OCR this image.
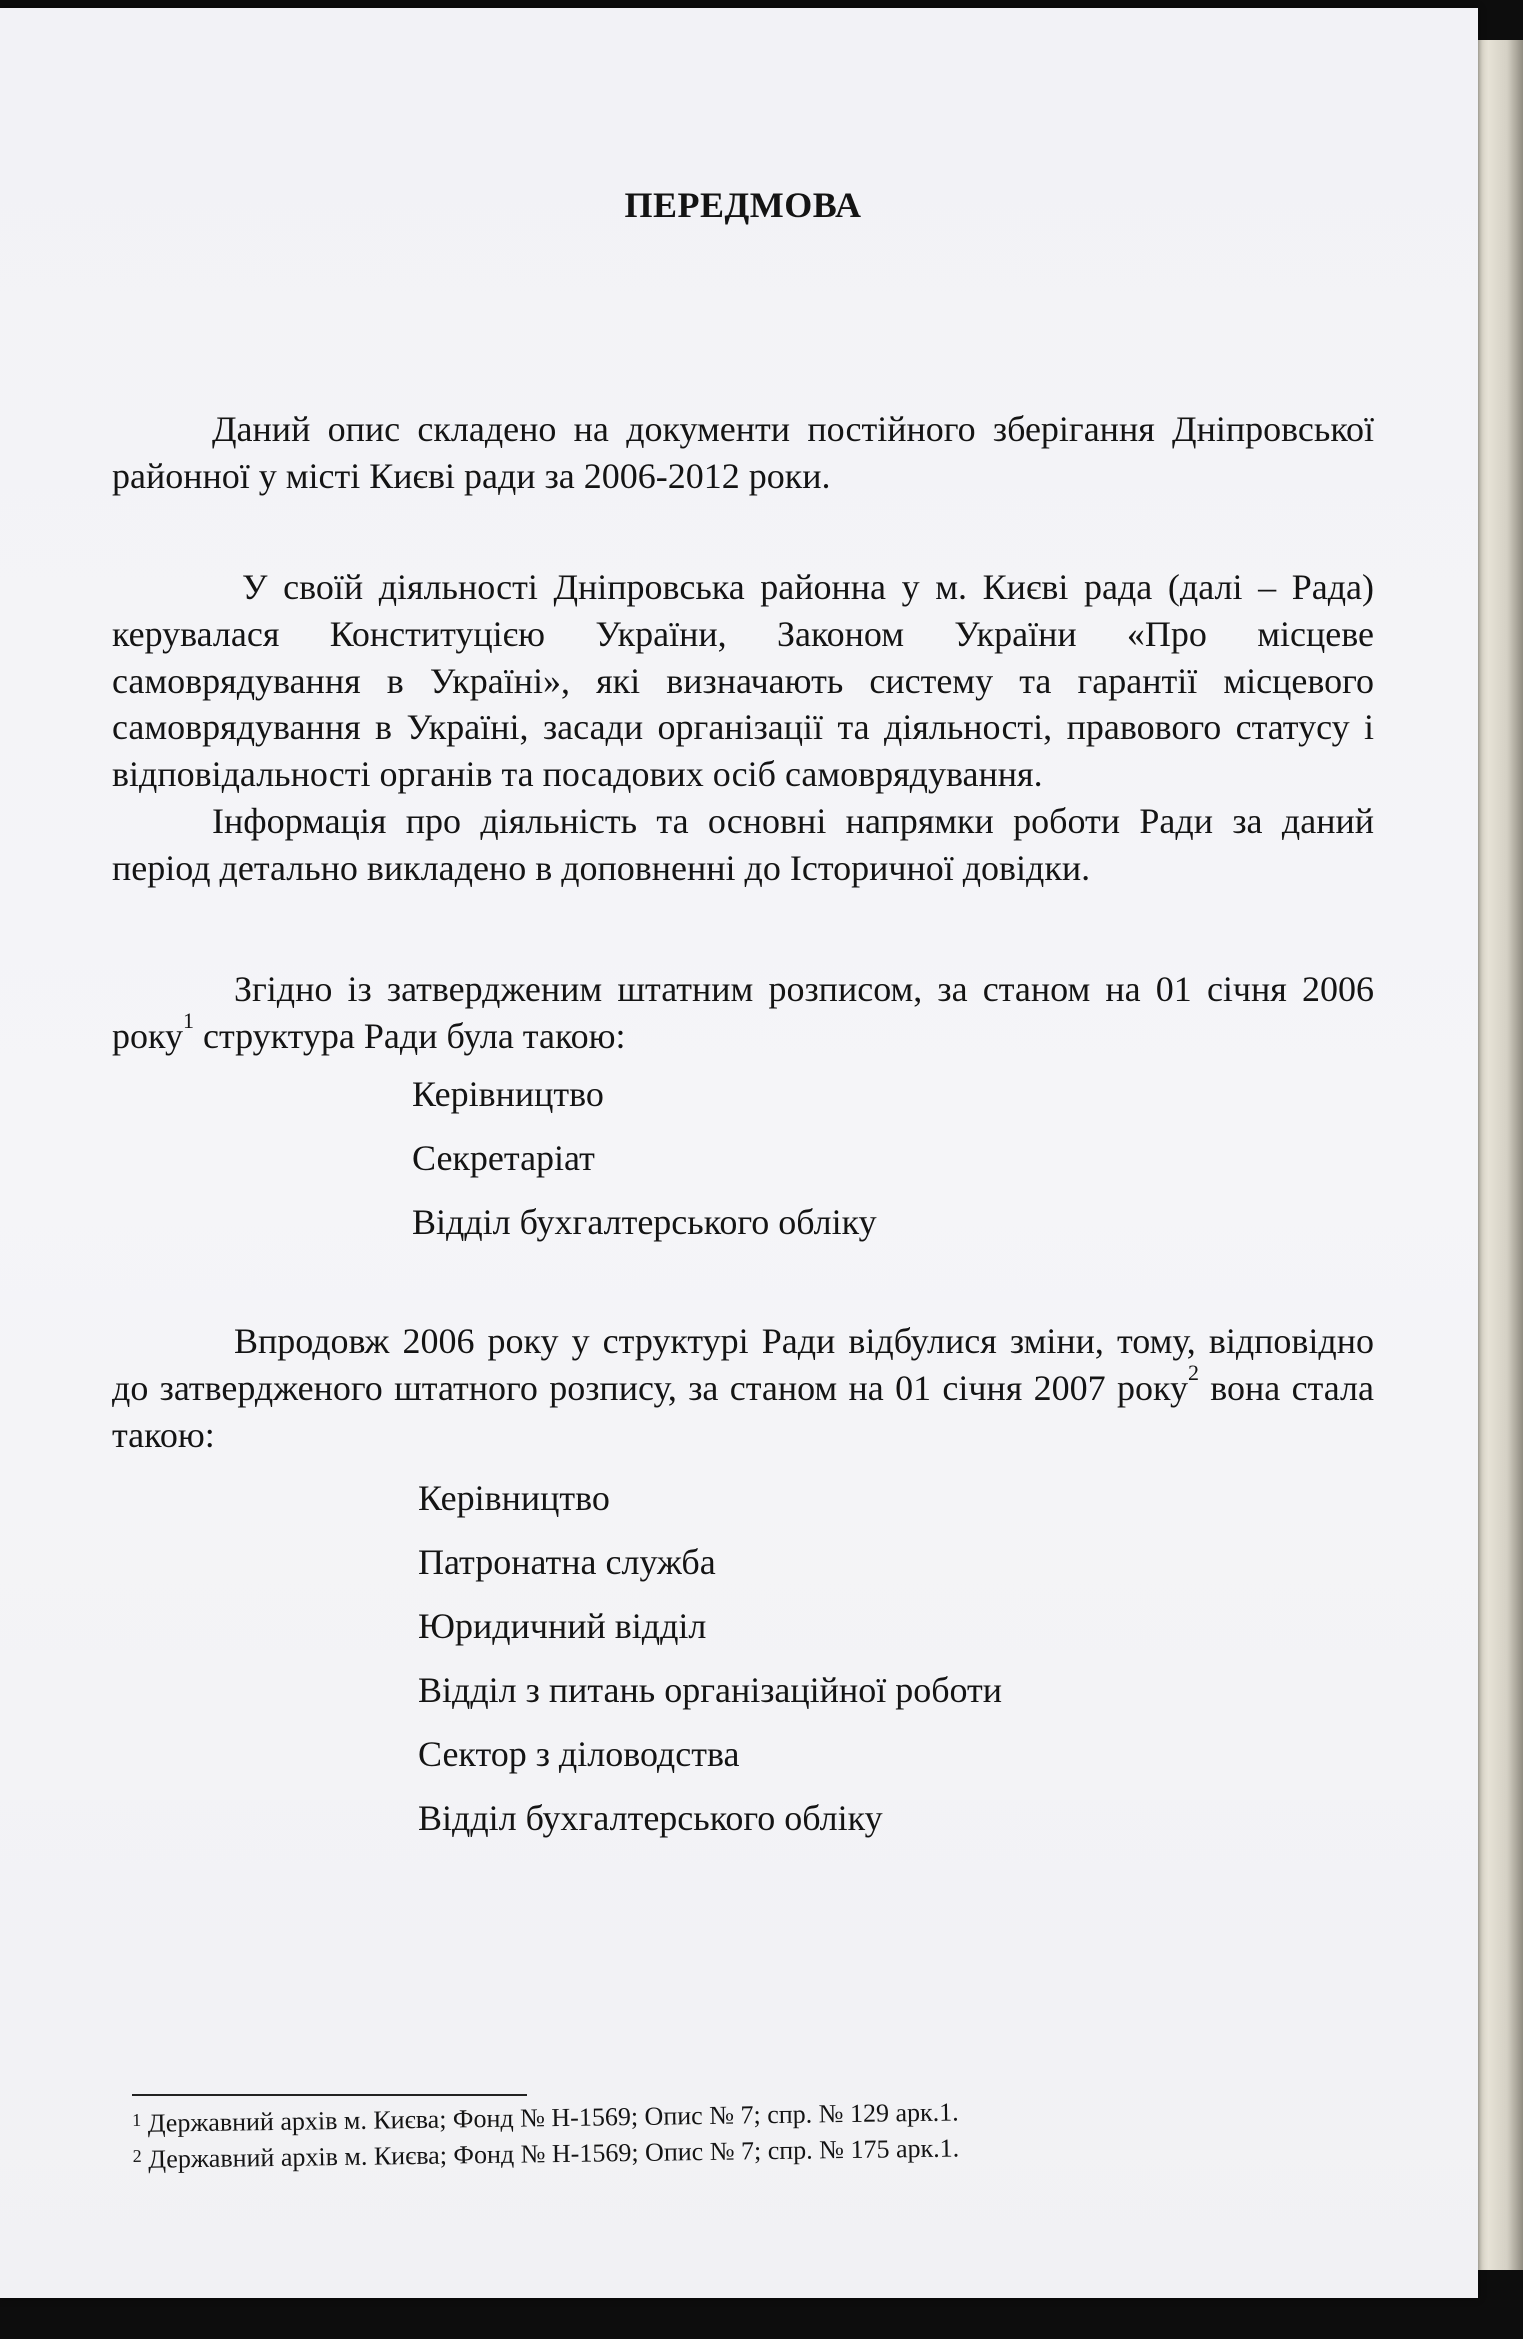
ПЕРЕДМОВА

Даний опис складено на документи постійного зберігання Дніпровської районної у місті Києві ради за 2006-2012 роки.

У своїй діяльності Дніпровська районна у м. Києві рада (далі – Рада) керувалася Конституцією України, Законом України «Про місцеве самоврядування в Україні», які визначають систему та гарантії місцевого самоврядування в Україні, засади організації та діяльності, правового статусу і відповідальності органів та посадових осіб самоврядування.

Інформація про діяльність та основні напрямки роботи Ради за даний період детально викладено в доповненні до Історичної довідки.

Згідно із затвердженим штатним розписом, за станом на 01 січня 2006 року$^1$ структура Ради була такою:

Керівництво
Секретаріат
Відділ бухгалтерського обліку

Впродовж 2006 року у структурі Ради відбулися зміни, тому, відповідно до затвердженого штатного розпису, за станом на 01 січня 2007 року$^2$ вона стала такою:

Керівництво
Патронатна служба
Юридичний відділ
Відділ з питань організаційної роботи
Сектор з діловодства
Відділ бухгалтерського обліку
$^1$ Державний архів м. Києва; Фонд № Н-1569; Опис № 7; спр. № 129 арк.1.
$^2$ Державний архів м. Києва; Фонд № Н-1569; Опис № 7; спр. № 175 арк.1.
